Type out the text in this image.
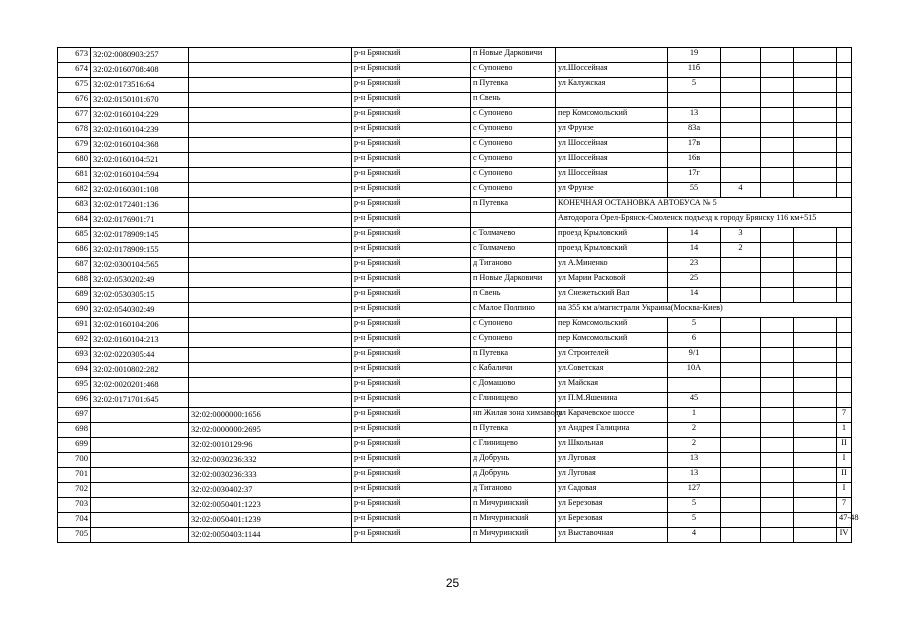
673	32:02:0080903:257		р-н Брянский	п Новые Дарковичи		19				
674	32:02:0160708:408		р-н Брянский	с Супонево	ул.Шоссейная	11б				
675	32:02:0173516:64		р-н Брянский	п Путевка	ул Калужская	5				
676	32:02:0150101:670		р-н Брянский	п Свень						
677	32:02:0160104:229		р-н Брянский	с Супонево	пер Комсомольский	13				
678	32:02:0160104:239		р-н Брянский	с Супонево	ул Фрунзе	83а				
679	32:02:0160104:368		р-н Брянский	с Супонево	ул Шоссейная	17в				
680	32:02:0160104:521		р-н Брянский	с Супонево	ул Шоссейная	16в				
681	32:02:0160104:594		р-н Брянский	с Супонево	ул Шоссейная	17г				
682	32:02:0160301:108		р-н Брянский	с Супонево	ул Фрунзе	55	4			
683	32:02:0172401:136		р-н Брянский	п Путевка	КОНЕЧНАЯ ОСТАНОВКА АВТОБУСА № 5					
684	32:02:0176901:71		р-н Брянский		Автодорога Орел-Брянск-Смоленск подъезд к городу Брянску 116 км+515					
685	32:02:0178909:145		р-н Брянский	с Толмачево	проезд Крыловский	14	3			
686	32:02:0178909:155		р-н Брянский	с Толмачево	проезд Крыловский	14	2			
687	32:02:0300104:565		р-н Брянский	д Тиганово	ул А.Миненко	23				
688	32:02:0530202:49		р-н Брянский	п Новые Дарковичи	ул Марии Расковой	25				
689	32:02:0530305:15		р-н Брянский	п Свень	ул Снежетьский Вал	14				
690	32:02:0540302:49		р-н Брянский	с Малое Полпино	на 355 км а/магистрали Украина(Москва-Киев)					
691	32:02:0160104:206		р-н Брянский	с Супонево	пер Комсомольский	5				
692	32:02:0160104:213		р-н Брянский	с Супонево	пер Комсомольский	6				
693	32:02:0220305:44		р-н Брянский	п Путевка	ул Строителей	9/1				
694	32:02:0010802:282		р-н Брянский	с Кабаличи	ул.Советская	10А				
695	32:02:0020201:468		р-н Брянский	с Домашово	ул Майская					
696	32:02:0171701:645		р-н Брянский	с Глинищево	ул П.М.Яшенина	45				
697		32:02:0000000:1656	р-н Брянский	нп Жилая зона химзавода	ул Карачевское шоссе	1				7
698		32:02:0000000:2695	р-н Брянский	п Путевка	ул Андрея Галицина	2				1
699		32:02:0010129:96	р-н Брянский	с Глинищево	ул Школьная	2				II
700		32:02:0030236:332	р-н Брянский	д Добрунь	ул Луговая	13				I
701		32:02:0030236:333	р-н Брянский	д Добрунь	ул Луговая	13				II
702		32:02:0030402:37	р-н Брянский	д Тиганово	ул Садовая	127				I
703		32:02:0050401:1223	р-н Брянский	п Мичуринский	ул Березовая	5				7
704		32:02:0050401:1239	р-н Брянский	п Мичуринский	ул Березовая	5				47-48
705		32:02:0050403:1144	р-н Брянский	п Мичуринский	ул Выставочная	4				IV
25
